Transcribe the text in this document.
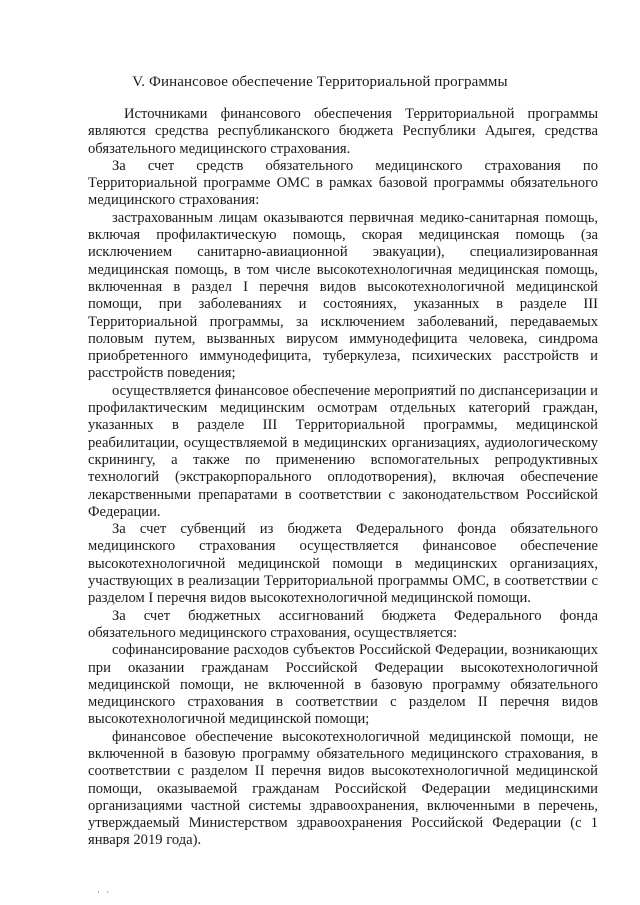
V. Финансовое обеспечение Территориальной программы

Источниками финансового обеспечения Территориальной программы являются средства республиканского бюджета Республики Адыгея, средства обязательного медицинского страхования.

За счет средств обязательного медицинского страхования по Территориальной программе ОМС в рамках базовой программы обязательного медицинского страхования:

застрахованным лицам оказываются первичная медико-санитарная помощь, включая профилактическую помощь, скорая медицинская помощь (за исключением санитарно-авиационной эвакуации), специализированная медицинская помощь, в том числе высокотехнологичная медицинская помощь, включенная в раздел I перечня видов высокотехнологичной медицинской помощи, при заболеваниях и состояниях, указанных в разделе III Территориальной программы, за исключением заболеваний, передаваемых половым путем, вызванных вирусом иммунодефицита человека, синдрома приобретенного иммунодефицита, туберкулеза, психических расстройств и расстройств поведения;

осуществляется финансовое обеспечение мероприятий по диспансеризации и профилактическим медицинским осмотрам отдельных категорий граждан, указанных в разделе III Территориальной программы, медицинской реабилитации, осуществляемой в медицинских организациях, аудиологическому скринингу, а также по применению вспомогательных репродуктивных технологий (экстракорпорального оплодотворения), включая обеспечение лекарственными препаратами в соответствии с законодательством Российской Федерации.

За счет субвенций из бюджета Федерального фонда обязательного медицинского страхования осуществляется финансовое обеспечение высокотехнологичной медицинской помощи в медицинских организациях, участвующих в реализации Территориальной программы ОМС, в соответствии с разделом I перечня видов высокотехнологичной медицинской помощи.

За счет бюджетных ассигнований бюджета Федерального фонда обязательного медицинского страхования, осуществляется:

софинансирование расходов субъектов Российской Федерации, возникающих при оказании гражданам Российской Федерации высокотехнологичной медицинской помощи, не включенной в базовую программу обязательного медицинского страхования в соответствии с разделом II перечня видов высокотехнологичной медицинской помощи;

финансовое обеспечение высокотехнологичной медицинской помощи, не включенной в базовую программу обязательного медицинского страхования, в соответствии с разделом II перечня видов высокотехнологичной медицинской помощи, оказываемой гражданам Российской Федерации медицинскими организациями частной системы здравоохранения, включенными в перечень, утверждаемый Министерством здравоохранения Российской Федерации (с 1 января 2019 года).

· ·
